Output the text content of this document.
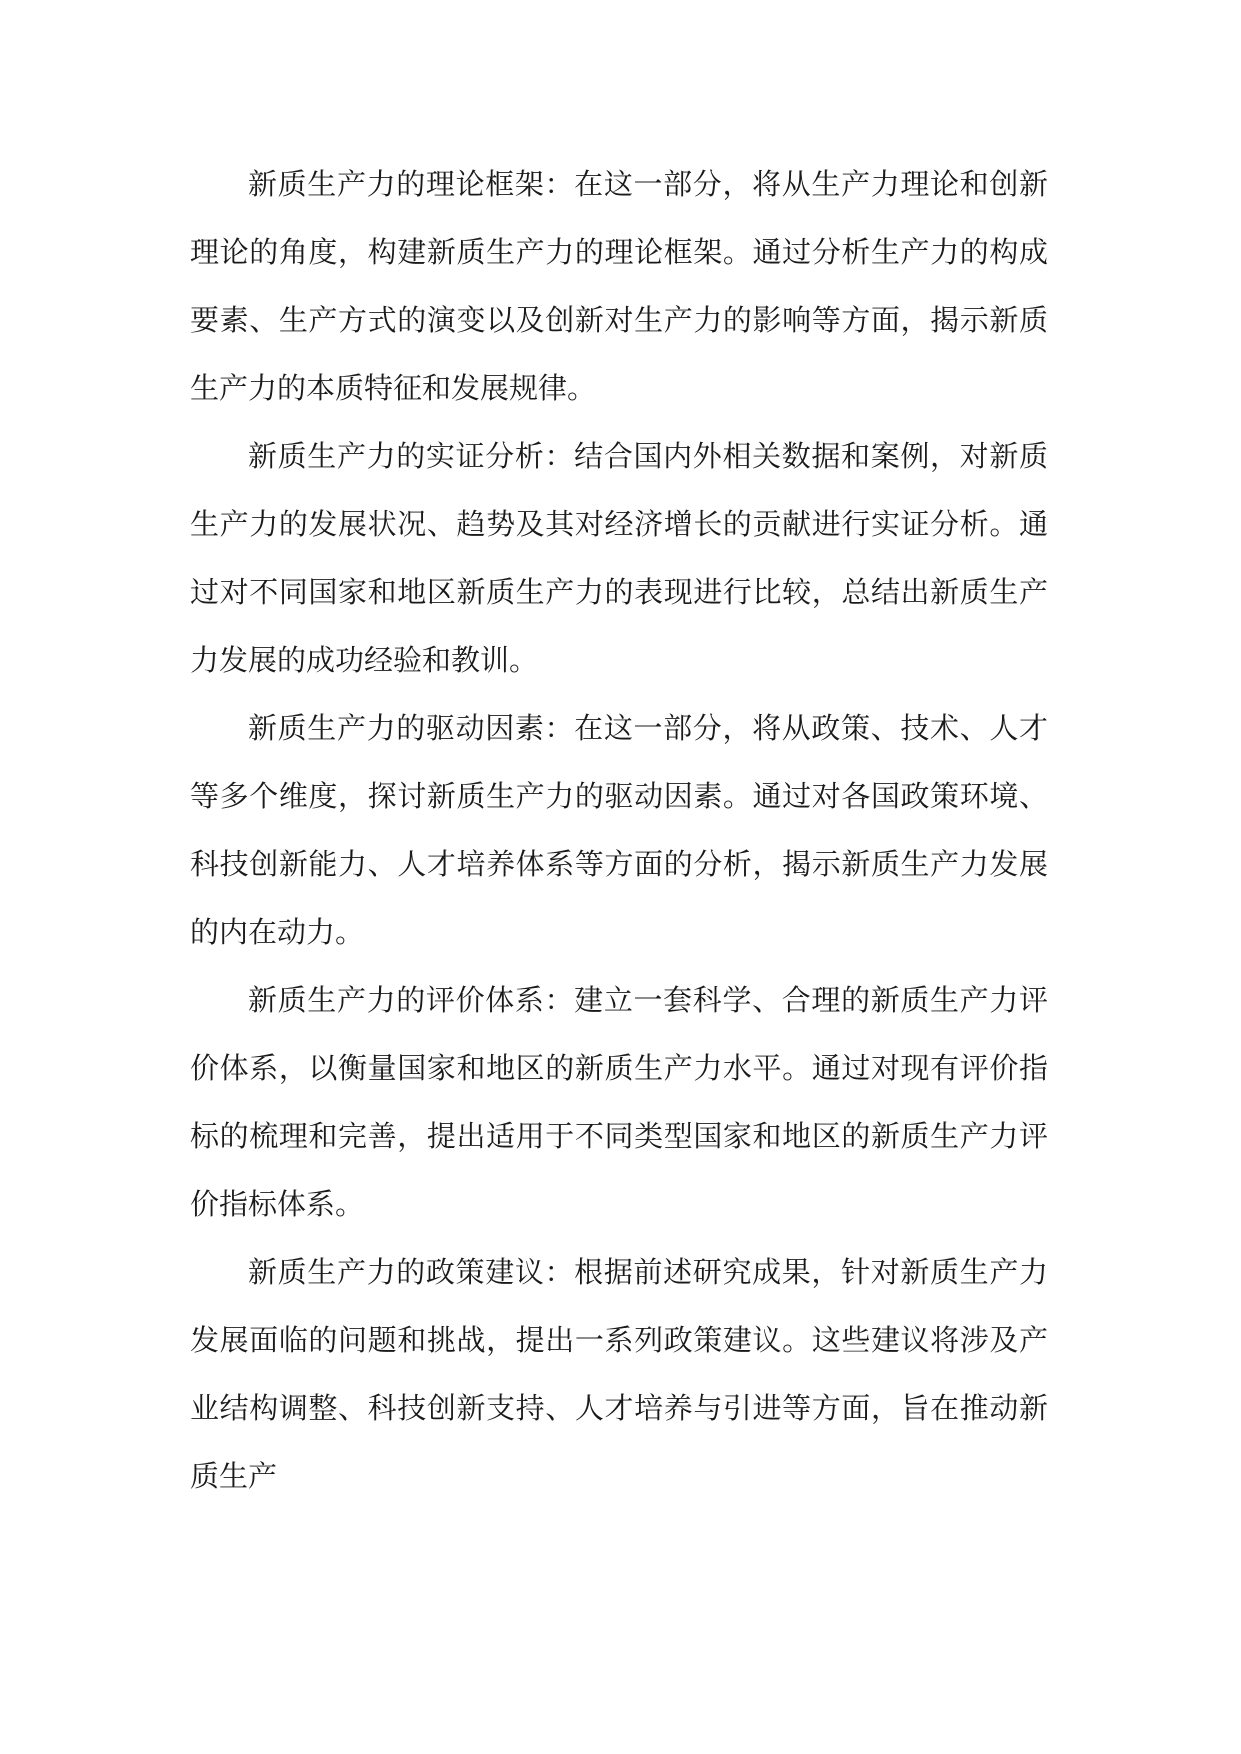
新质生产力的理论框架：在这一部分，将从生产力理论和创新理论的角度，构建新质生产力的理论框架。通过分析生产力的构成要素、生产方式的演变以及创新对生产力的影响等方面，揭示新质生产力的本质特征和发展规律。

新质生产力的实证分析：结合国内外相关数据和案例，对新质生产力的发展状况、趋势及其对经济增长的贡献进行实证分析。通过对不同国家和地区新质生产力的表现进行比较，总结出新质生产力发展的成功经验和教训。

新质生产力的驱动因素：在这一部分，将从政策、技术、人才等多个维度，探讨新质生产力的驱动因素。通过对各国政策环境、科技创新能力、人才培养体系等方面的分析，揭示新质生产力发展的内在动力。

新质生产力的评价体系：建立一套科学、合理的新质生产力评价体系，以衡量国家和地区的新质生产力水平。通过对现有评价指标的梳理和完善，提出适用于不同类型国家和地区的新质生产力评价指标体系。

新质生产力的政策建议：根据前述研究成果，针对新质生产力发展面临的问题和挑战，提出一系列政策建议。这些建议将涉及产业结构调整、科技创新支持、人才培养与引进等方面，旨在推动新质生产
